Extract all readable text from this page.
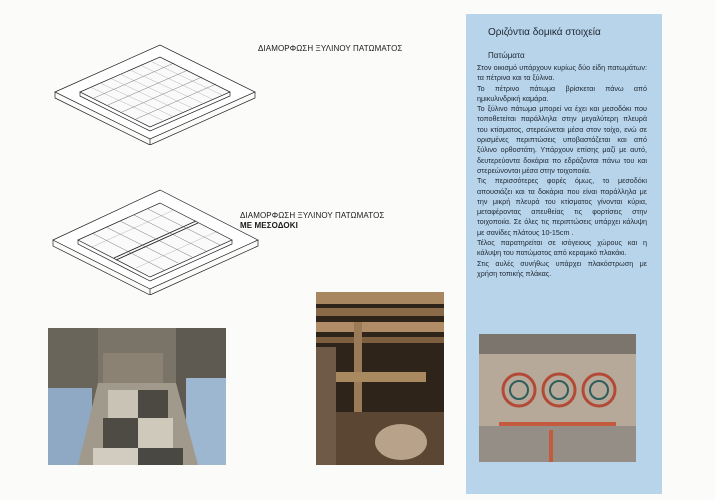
ΔΙΑΜΟΡΦΩΣΗ ΞΥΛΙΝΟΥ ΠΑΤΩΜΑΤΟΣ
ΔΙΑΜΟΡΦΩΣΗ ΞΥΛΙΝΟΥ ΠΑΤΩΜΑΤΟΣ
ΜΕ ΜΕΣΟΔΟΚΙ
Οριζόντια δομικά στοιχεία
Πατώματα

Στον οικισμό υπάρχουν κυρίως δύο είδη πατωμάτων: τα πέτρινα και τα ξύλινα.

Το πέτρινο πάτωμα βρίσκεται πάνω από ημικυλινδρική καμάρα.

Το ξύλινο πάτωμα μπορεί να έχει και μεσοδόκι που τοποθετείται παράλληλα στην μεγαλύτερη πλευρά του κτίσματος, στερεώνεται μέσα στον τοίχο, ενώ σε ορισμένες περιπτώσεις υποβαστάζεται και από ξύλινο ορθοστάτη. Υπάρχουν επίσης μαζί με αυτό, δευτερεύοντα δοκάρια πο εδράζονται πάνω του και στερεώνονται μέσα στην τοιχοποιία.

Τις περισσότερες φορές όμως, το μεσοδόκι απουσιάζει και τα δοκάρια που είναι παράλληλα με την μικρή πλευρά του κτίσματος γίνονται κύρια, μεταφέροντας απευθείας τις φορτίσεις στην τοιχοποιία. Σε όλες τις περιπτώσεις υπάρχει κάλυψη με σανίδες πλάτους 10-15cm .

Τέλος παρατηρείται σε ισόγειους χώρους και η κάλυψη του πατώματος από κεραμικό πλακάκι.

Στις αυλές συνήθως υπάρχει πλακόστρωση με χρήση τοπικής πλάκας.
